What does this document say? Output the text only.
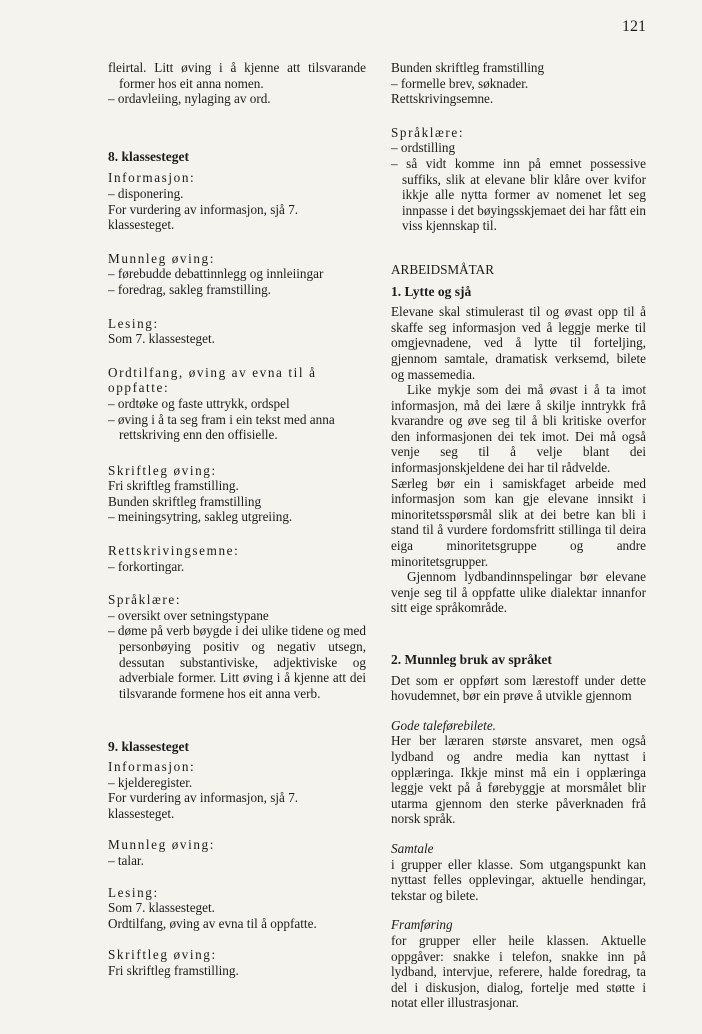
121

fleirtal. Litt øving i å kjenne att tilsvarande former hos eit anna nomen.

– ordavleiing, nylaging av ord.

8. klassesteget

Informasjon:

– disponering.

For vurdering av informasjon, sjå 7. klassesteget.

Munnleg øving:

– førebudde debattinnlegg og innleiingar

– foredrag, sakleg framstilling.

Lesing:

Som 7. klassesteget.

Ordtilfang, øving av evna til å oppfatte:

– ordtøke og faste uttrykk, ordspel

– øving i å ta seg fram i ein tekst med anna rettskriving enn den offisielle.

Skriftleg øving:

Fri skriftleg framstilling.

Bunden skriftleg framstilling

– meiningsytring, sakleg utgreiing.

Rettskrivingsemne:

– forkortingar.

Språklære:

– oversikt over setningstypane

– døme på verb bøygde i dei ulike tidene og med personbøying positiv og negativ utsegn, dessutan substantiviske, adjektiviske og adverbiale former. Litt øving i å kjenne att dei tilsvarande formene hos eit anna verb.

9. klassesteget

Informasjon:

– kjelderegister.

For vurdering av informasjon, sjå 7. klassesteget.

Munnleg øving:

– talar.

Lesing:

Som 7. klassesteget.

Ordtilfang, øving av evna til å oppfatte.

Skriftleg øving:

Fri skriftleg framstilling.

Bunden skriftleg framstilling

– formelle brev, søknader.

Rettskrivingsemne.

Språklære:

– ordstilling

– så vidt komme inn på emnet possessive suffiks, slik at elevane blir klåre over kvifor ikkje alle nytta former av nomenet let seg innpasse i det bøyingsskjemaet dei har fått ein viss kjennskap til.

ARBEIDSMÅTAR

1. Lytte og sjå

Elevane skal stimulerast til og øvast opp til å skaffe seg informasjon ved å leggje merke til omgjevnadene, ved å lytte til forteljing, gjennom samtale, dramatisk verksemd, bilete og massemedia.

Like mykje som dei må øvast i å ta imot informasjon, må dei lære å skilje inntrykk frå kvarandre og øve seg til å bli kritiske overfor den informasjonen dei tek imot. Dei må også venje seg til å velje blant dei informasjonskjeldene dei har til rådvelde.

Særleg bør ein i samiskfaget arbeide med informasjon som kan gje elevane innsikt i minoritetsspørsmål slik at dei betre kan bli i stand til å vurdere fordomsfritt stillinga til deira eiga minoritetsgruppe og andre minoritetsgrupper.

Gjennom lydbandinnspelingar bør elevane venje seg til å oppfatte ulike dialektar innanfor sitt eige språkområde.

2. Munnleg bruk av språket

Det som er oppført som lærestoff under dette hovudemnet, bør ein prøve å utvikle gjennom

Gode taleførebilete.

Her ber læraren største ansvaret, men også lydband og andre media kan nyttast i opplæringa. Ikkje minst må ein i opplæringa leggje vekt på å førebyggje at morsmålet blir utarma gjennom den sterke påverknaden frå norsk språk.

Samtale

i grupper eller klasse. Som utgangspunkt kan nyttast felles opplevingar, aktuelle hendingar, tekstar og bilete.

Framføring

for grupper eller heile klassen. Aktuelle oppgåver: snakke i telefon, snakke inn på lydband, intervjue, referere, halde foredrag, ta del i diskusjon, dialog, fortelje med støtte i notat eller illustrasjonar.
